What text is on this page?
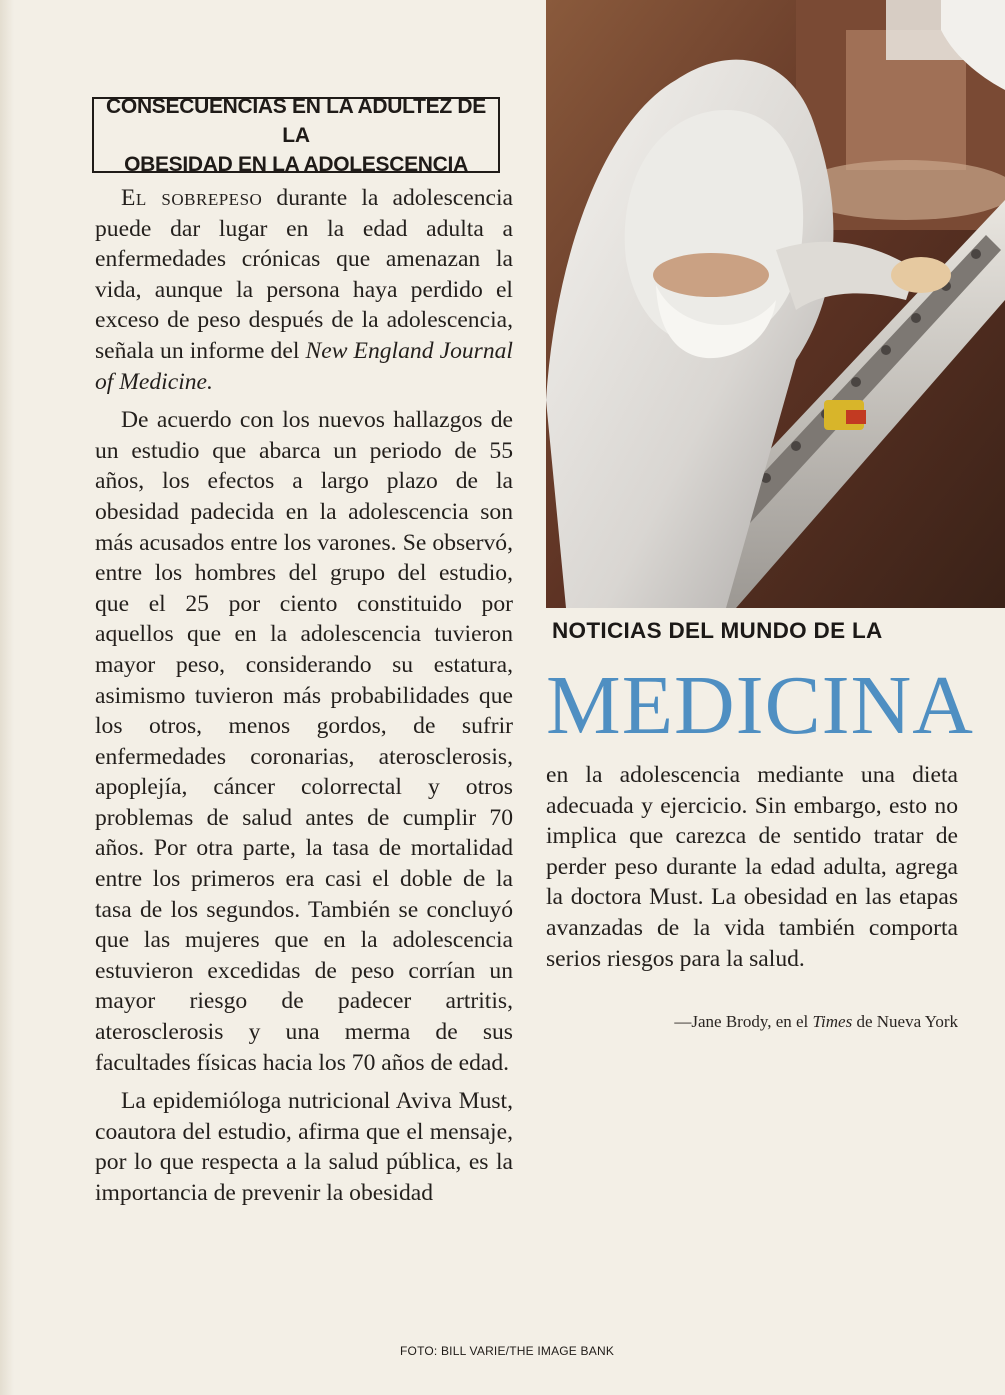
CONSECUENCIAS EN LA ADULTEZ DE LA
OBESIDAD EN LA ADOLESCENCIA

El sobrepeso durante la adolescencia puede dar lugar en la edad adulta a enfermedades crónicas que amenazan la vida, aunque la persona haya perdido el exceso de peso después de la adolescencia, señala un informe del New England Journal of Medicine.

De acuerdo con los nuevos hallazgos de un estudio que abarca un periodo de 55 años, los efectos a largo plazo de la obesidad padecida en la adolescencia son más acusados entre los varones. Se observó, entre los hombres del grupo del estudio, que el 25 por ciento constituido por aquellos que en la adolescencia tuvieron mayor peso, considerando su estatura, asimismo tuvieron más probabilidades que los otros, menos gordos, de sufrir enfermedades coronarias, aterosclerosis, apoplejía, cáncer colorrectal y otros problemas de salud antes de cumplir 70 años. Por otra parte, la tasa de mortalidad entre los primeros era casi el doble de la tasa de los segundos. También se concluyó que las mujeres que en la adolescencia estuvieron excedidas de peso corrían un mayor riesgo de padecer artritis, aterosclerosis y una merma de sus facultades físicas hacia los 70 años de edad.

La epidemióloga nutricional Aviva Must, coautora del estudio, afirma que el mensaje, por lo que respecta a la salud pública, es la importancia de prevenir la obesidad

NOTICIAS DEL MUNDO DE LA
MEDICINA

en la adolescencia mediante una dieta adecuada y ejercicio. Sin embargo, esto no implica que carezca de sentido tratar de perder peso durante la edad adulta, agrega la doctora Must. La obesidad en las etapas avanzadas de la vida también comporta serios riesgos para la salud.

—Jane Brody, en el Times de Nueva York
FOTO: BILL VARIE/THE IMAGE BANK
